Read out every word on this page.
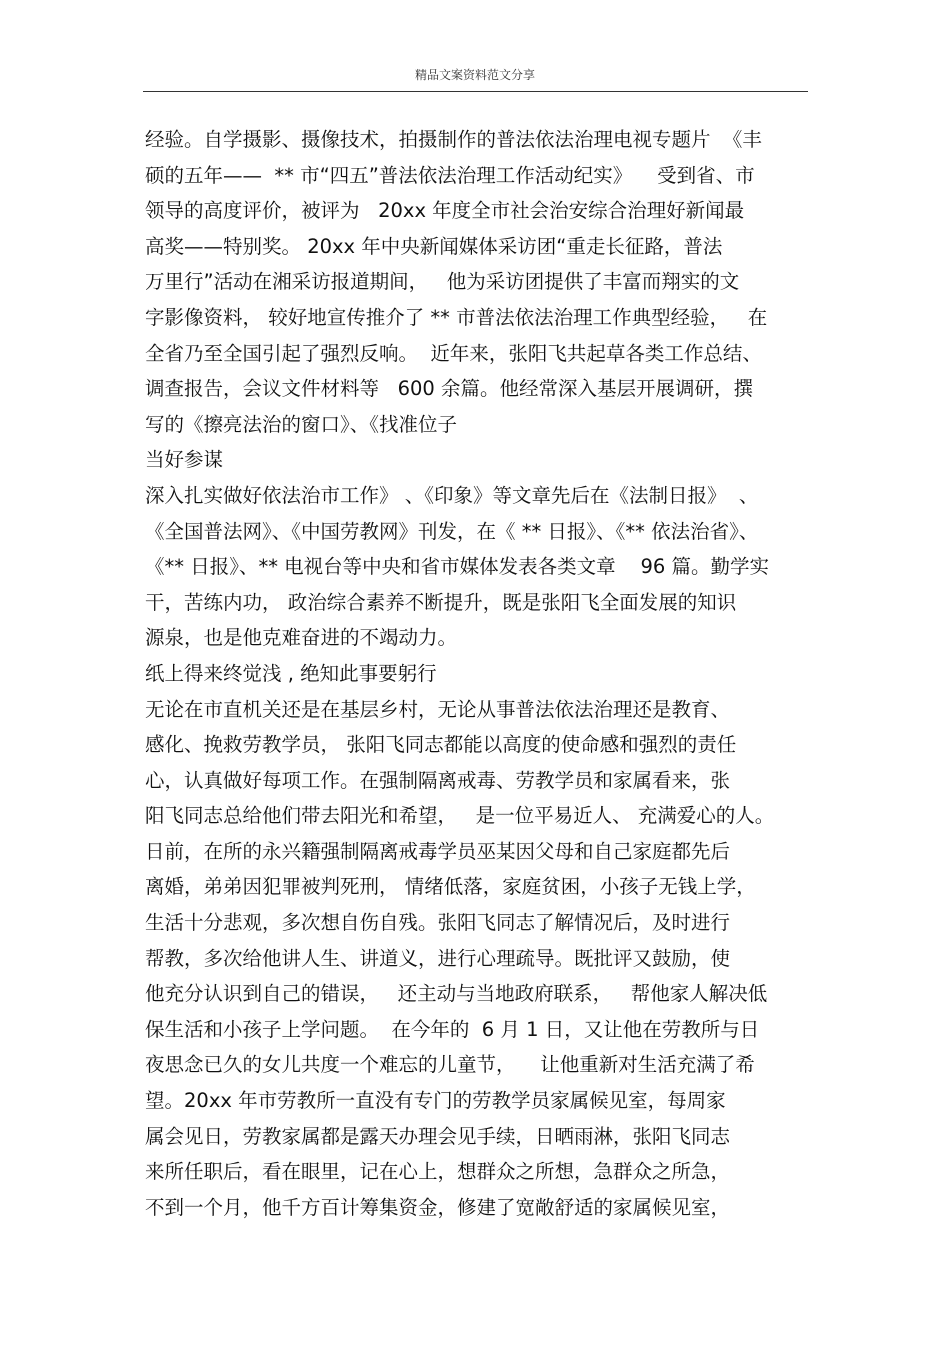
精品文案资料范文分享
经验。自学摄影、摄像技术，拍摄制作的普法依法治理电视专题片  《丰
硕的五年——  ** 市“四五”普法依法治理工作活动纪实》    受到省、市
领导的高度评价，被评为   20xx 年度全市社会治安综合治理好新闻最
高奖——特别奖。 20xx 年中央新闻媒体采访团“重走长征路，普法
万里行”活动在湘采访报道期间，   他为采访团提供了丰富而翔实的文
字影像资料， 较好地宣传推介了 ** 市普法依法治理工作典型经验，   在
全省乃至全国引起了强烈反响。  近年来，张阳飞共起草各类工作总结、
调查报告，会议文件材料等   600 余篇。他经常深入基层开展调研，撰
写的《擦亮法治的窗口》、《找准位子
当好参谋
深入扎实做好依法治市工作》 、《印象》等文章先后在《法制日报》  、
《全国普法网》、《中国劳教网》刊发，在《 ** 日报》、《** 依法治省》、
《** 日报》、** 电视台等中央和省市媒体发表各类文章    96 篇。勤学实
干，苦练内功， 政治综合素养不断提升，既是张阳飞全面发展的知识
源泉，也是他克难奋进的不竭动力。
纸上得来终觉浅 , 绝知此事要躬行
无论在市直机关还是在基层乡村，无论从事普法依法治理还是教育、
感化、挽救劳教学员， 张阳飞同志都能以高度的使命感和强烈的责任
心，认真做好每项工作。在强制隔离戒毒、劳教学员和家属看来，张
阳飞同志总给他们带去阳光和希望，   是一位平易近人、 充满爱心的人。
日前，在所的永兴籍强制隔离戒毒学员巫某因父母和自己家庭都先后
离婚，弟弟因犯罪被判死刑， 情绪低落，家庭贫困，小孩子无钱上学，
生活十分悲观，多次想自伤自残。张阳飞同志了解情况后，及时进行
帮教，多次给他讲人生、讲道义，进行心理疏导。既批评又鼓励，使
他充分认识到自己的错误，   还主动与当地政府联系，   帮他家人解决低
保生活和小孩子上学问题。  在今年的  6 月 1 日，又让他在劳教所与日
夜思念已久的女儿共度一个难忘的儿童节，    让他重新对生活充满了希
望。20xx 年市劳教所一直没有专门的劳教学员家属候见室，每周家
属会见日，劳教家属都是露天办理会见手续，日晒雨淋，张阳飞同志
来所任职后，看在眼里，记在心上，想群众之所想，急群众之所急，
不到一个月，他千方百计筹集资金，修建了宽敞舒适的家属候见室，
